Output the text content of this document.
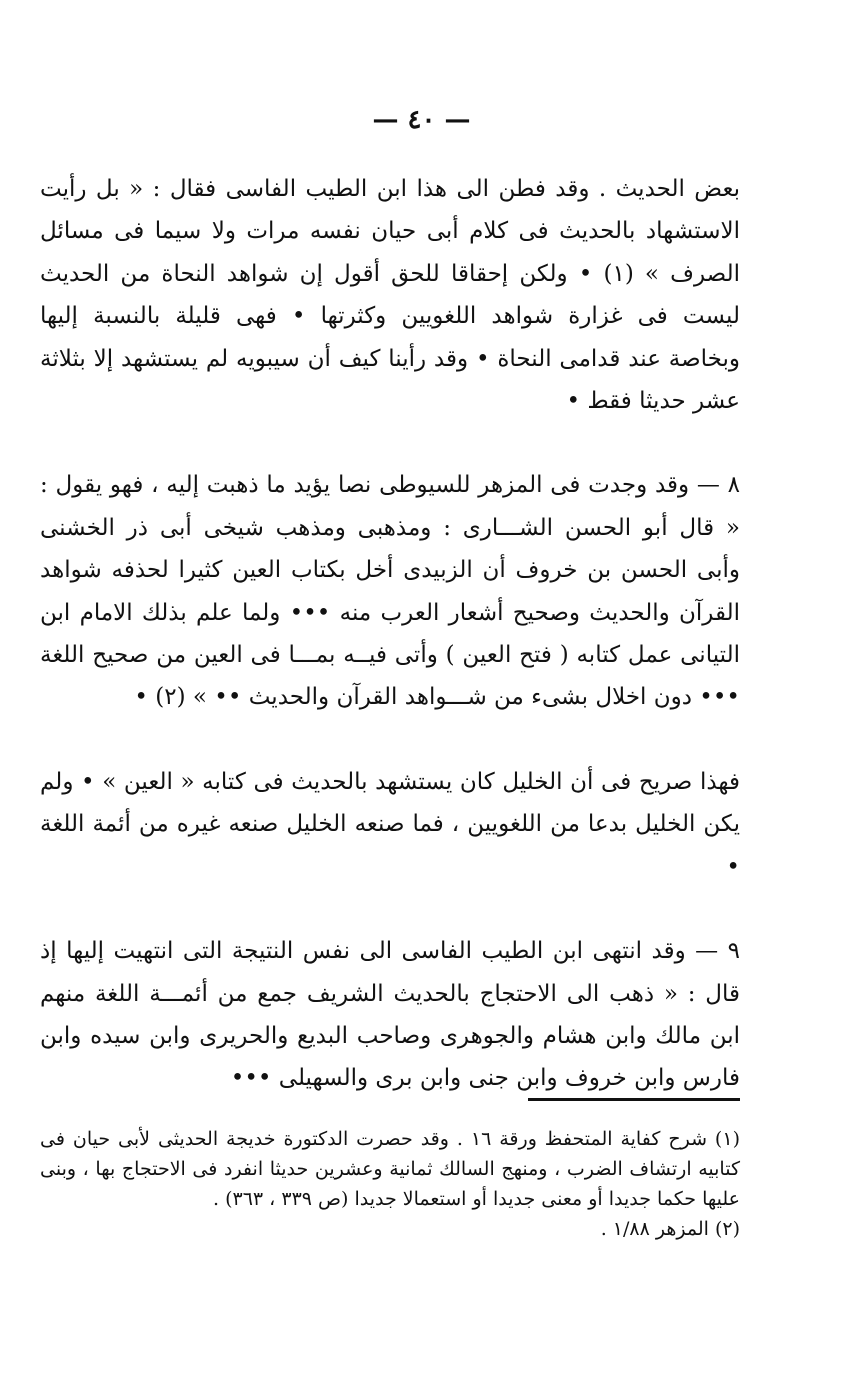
— ٤٠ —

بعض الحديث . وقد فطن الى هذا ابن الطيب الفاسى فقال : « بل رأيت الاستشهاد بالحديث فى كلام أبى حيان نفسه مرات ولا سيما فى مسائل الصرف » (١) • ولكن إحقاقا للحق أقول إن شواهد النحاة من الحديث ليست فى غزارة شواهد اللغويين وكثرتها • فهى قليلة بالنسبة إليها وبخاصة عند قدامى النحاة • وقد رأينا كيف أن سيبويه لم يستشهد إلا بثلاثة عشر حديثا فقط •

٨ — وقد وجدت فى المزهر للسيوطى نصا يؤيد ما ذهبت إليه ، فهو يقول : « قال أبو الحسن الشـــارى : ومذهبى ومذهب شيخى أبى ذر الخشنى وأبى الحسن بن خروف أن الزبيدى أخل بكتاب العين كثيرا لحذفه شواهد القرآن والحديث وصحيح أشعار العرب منه ••• ولما علم بذلك الامام ابن التيانى عمل كتابه ( فتح العين ) وأتى فيــه بمـــا فى العين من صحيح اللغة ••• دون اخلال بشىء من شـــواهد القرآن والحديث •• » (٢) •

فهذا صريح فى أن الخليل كان يستشهد بالحديث فى كتابه « العين » • ولم يكن الخليل بدعا من اللغويين ، فما صنعه الخليل صنعه غيره من أئمة اللغة •

٩ — وقد انتهى ابن الطيب الفاسى الى نفس النتيجة التى انتهيت إليها إذ قال : « ذهب الى الاحتجاج بالحديث الشريف جمع من أئمـــة اللغة منهم ابن مالك وابن هشام والجوهرى وصاحب البديع والحريرى وابن سيده وابن فارس وابن خروف وابن جنى وابن برى والسهيلى •••

(١) شرح كفاية المتحفظ ورقة ١٦ . وقد حصرت الدكتورة خديجة الحديثى لأبى حيان فى كتابيه ارتشاف الضرب ، ومنهج السالك ثمانية وعشرين حديثا انفرد فى الاحتجاج بها ، وبنى عليها حكما جديدا أو معنى جديدا أو استعمالا جديدا (ص ٣٣٩ ، ٣٦٣) .

(٢) المزهر ١/٨٨ .
